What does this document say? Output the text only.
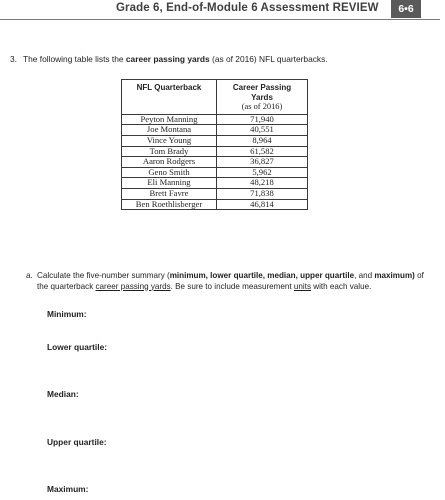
Grade 6, End-of-Module 6 Assessment REVIEW	6•6
3. The following table lists the career passing yards (as of 2016) NFL quarterbacks.
NFL Quarterback	Career Passing Yards
(as of 2016)
Peyton Manning	71,940
Joe Montana	40,551
Vince Young	8,964
Tom Brady	61,582
Aaron Rodgers	36,827
Geno Smith	5,962
Eli Manning	48,218
Brett Favre	71,838
Ben Roethlisberger	46,814
a. Calculate the five-number summary (minimum, lower quartile, median, upper quartile, and maximum) of the quarterback career passing yards. Be sure to include measurement units with each value.
Minimum:
Lower quartile:
Median:
Upper quartile:
Maximum:
